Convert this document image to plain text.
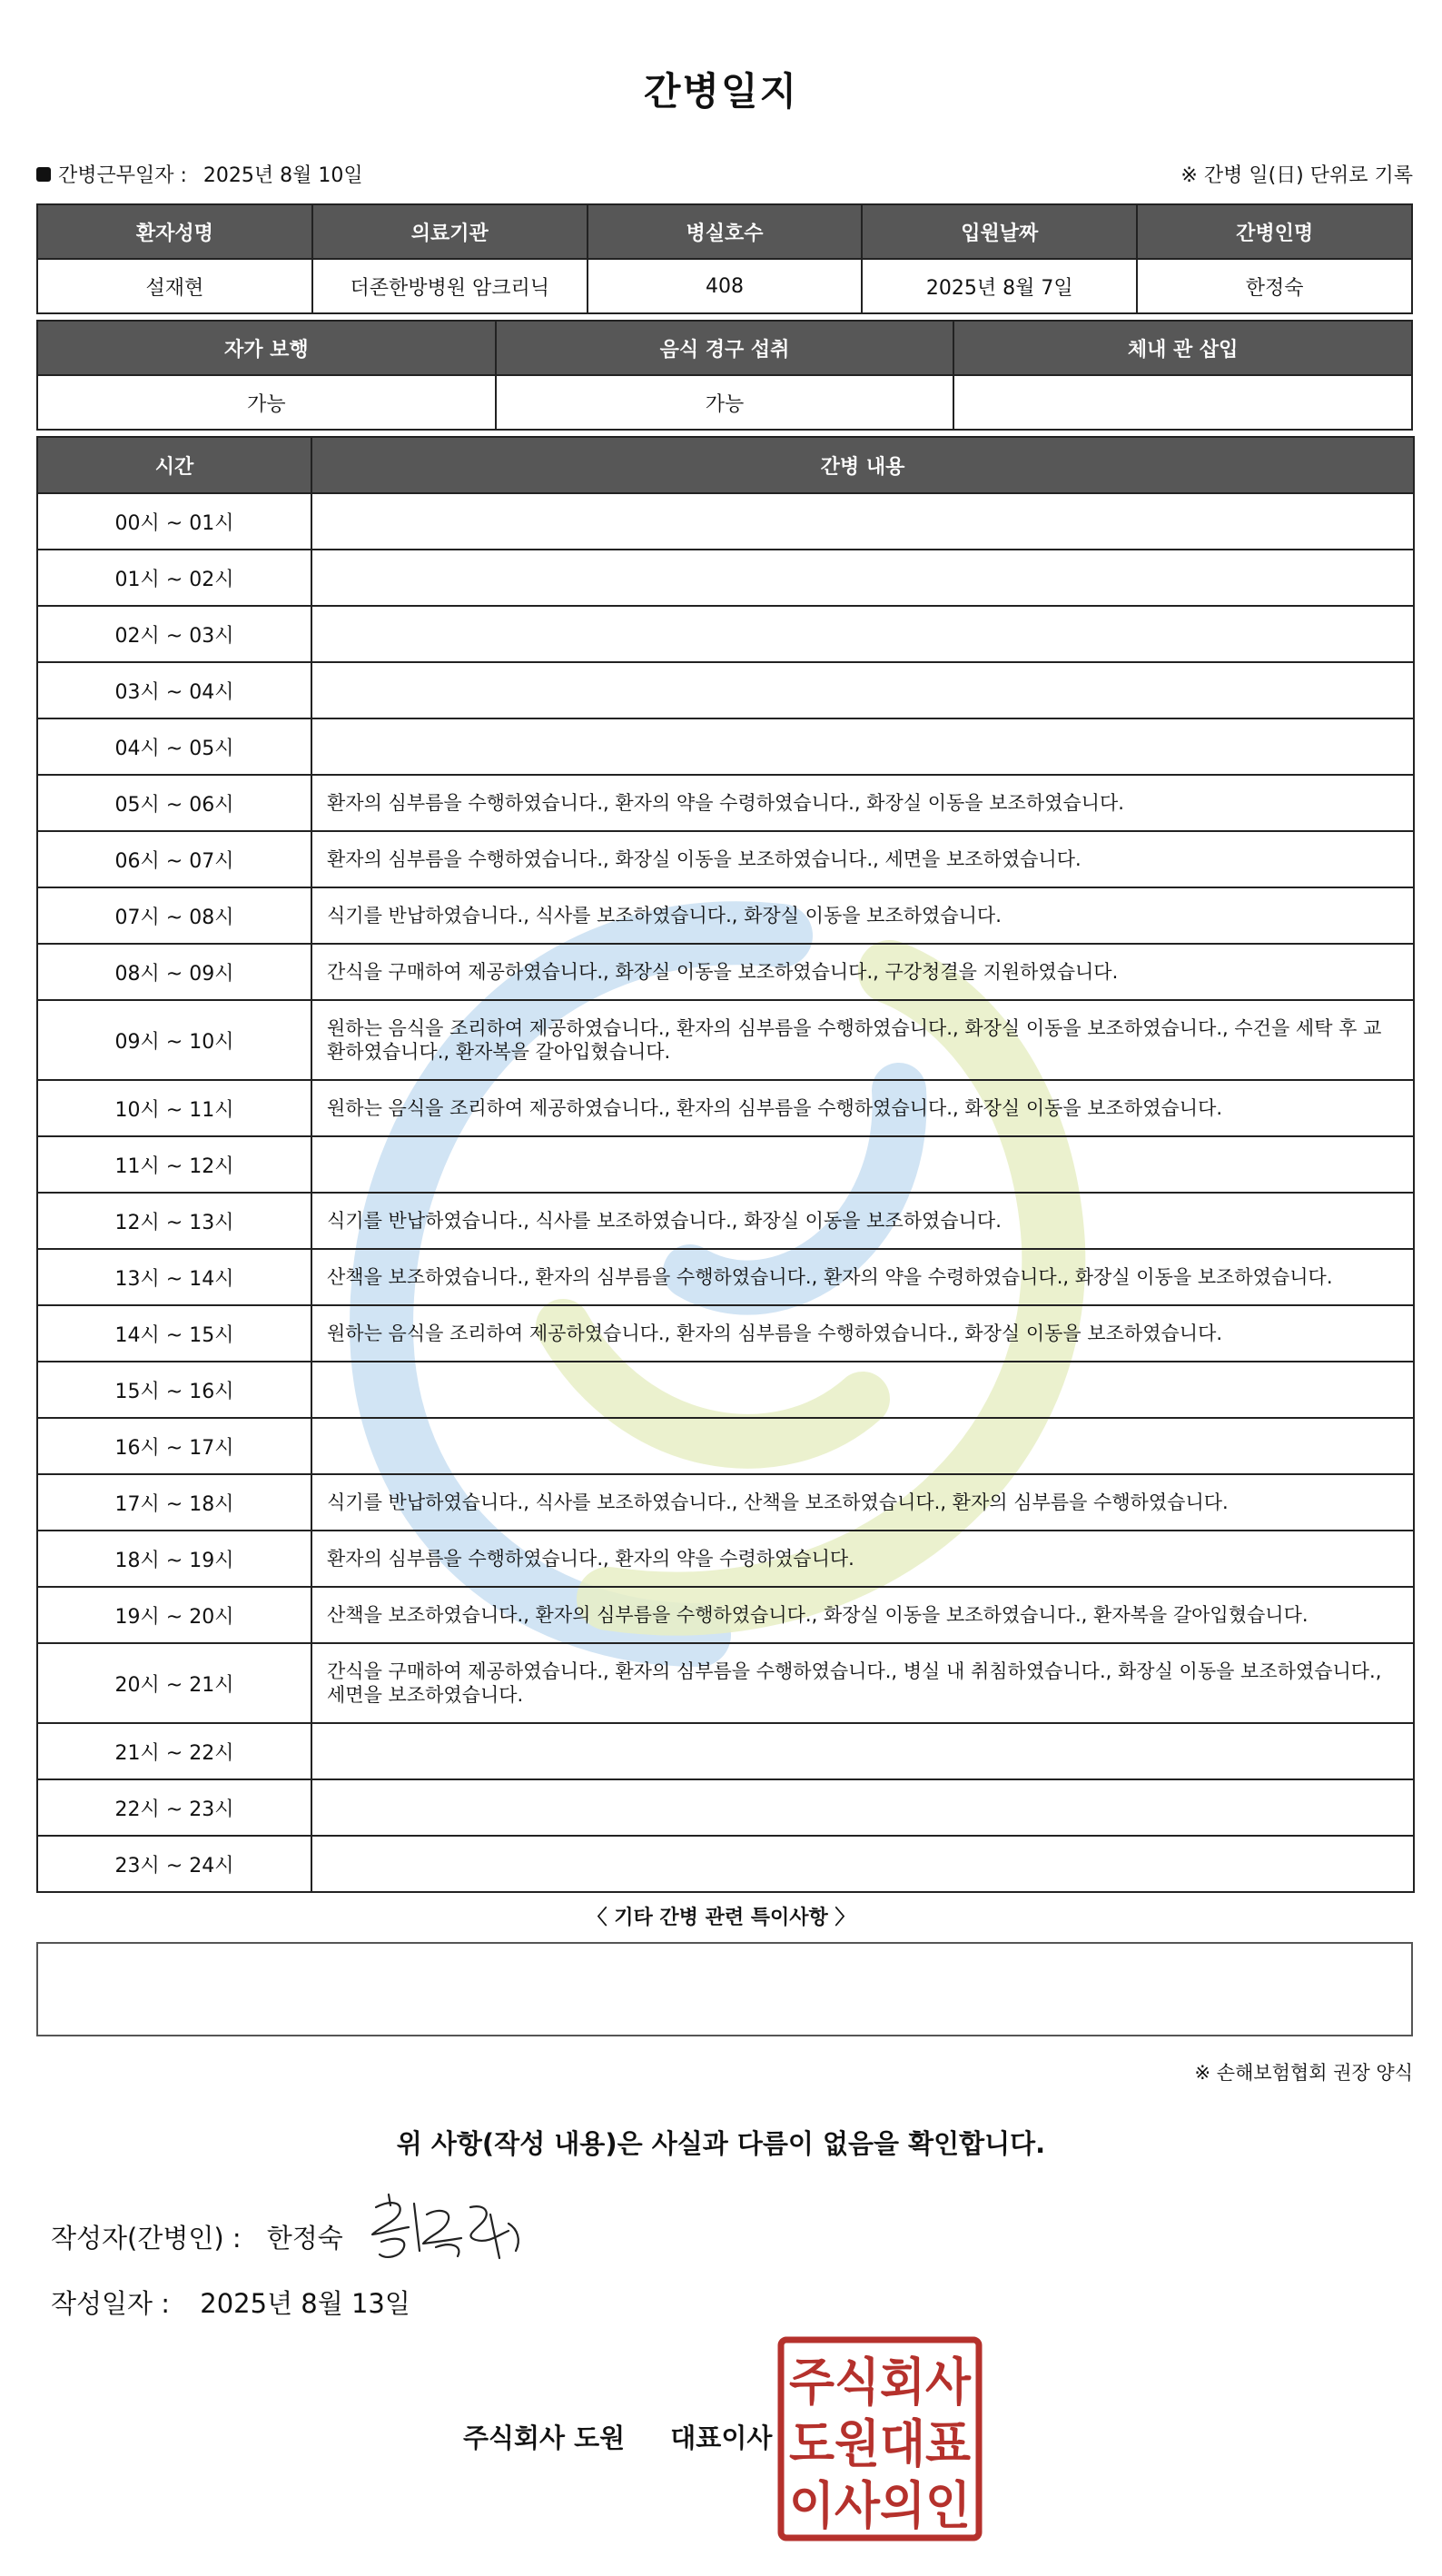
간병일지
간병근무일자 : 2025년 8월 10일	※ 간병 일(日) 단위로 기록
환자성명	의료기관	병실호수	입원날짜	간병인명
설재현	더존한방병원 암크리닉	408	2025년 8월 7일	한정숙
자가 보행	음식 경구 섭취	체내 관 삽입
가능	가능	
시간	간병 내용
00시 ~ 01시	
01시 ~ 02시	
02시 ~ 03시	
03시 ~ 04시	
04시 ~ 05시	
05시 ~ 06시	환자의 심부름을 수행하였습니다., 환자의 약을 수령하였습니다., 화장실 이동을 보조하였습니다.
06시 ~ 07시	환자의 심부름을 수행하였습니다., 화장실 이동을 보조하였습니다., 세면을 보조하였습니다.
07시 ~ 08시	식기를 반납하였습니다., 식사를 보조하였습니다., 화장실 이동을 보조하였습니다.
08시 ~ 09시	간식을 구매하여 제공하였습니다., 화장실 이동을 보조하였습니다., 구강청결을 지원하였습니다.
09시 ~ 10시	원하는 음식을 조리하여 제공하였습니다., 환자의 심부름을 수행하였습니다., 화장실 이동을 보조하였습니다., 수건을 세탁 후 교환하였습니다., 환자복을 갈아입혔습니다.
10시 ~ 11시	원하는 음식을 조리하여 제공하였습니다., 환자의 심부름을 수행하였습니다., 화장실 이동을 보조하였습니다.
11시 ~ 12시	
12시 ~ 13시	식기를 반납하였습니다., 식사를 보조하였습니다., 화장실 이동을 보조하였습니다.
13시 ~ 14시	산책을 보조하였습니다., 환자의 심부름을 수행하였습니다., 환자의 약을 수령하였습니다., 화장실 이동을 보조하였습니다.
14시 ~ 15시	원하는 음식을 조리하여 제공하였습니다., 환자의 심부름을 수행하였습니다., 화장실 이동을 보조하였습니다.
15시 ~ 16시	
16시 ~ 17시	
17시 ~ 18시	식기를 반납하였습니다., 식사를 보조하였습니다., 산책을 보조하였습니다., 환자의 심부름을 수행하였습니다.
18시 ~ 19시	환자의 심부름을 수행하였습니다., 환자의 약을 수령하였습니다.
19시 ~ 20시	산책을 보조하였습니다., 환자의 심부름을 수행하였습니다., 화장실 이동을 보조하였습니다., 환자복을 갈아입혔습니다.
20시 ~ 21시	간식을 구매하여 제공하였습니다., 환자의 심부름을 수행하였습니다., 병실 내 취침하였습니다., 화장실 이동을 보조하였습니다., 세면을 보조하였습니다.
21시 ~ 22시	
22시 ~ 23시	
23시 ~ 24시	
〈 기타 간병 관련 특이사항 〉
※ 손해보험협회 권장 양식
위 사항(작성 내용)은 사실과 다름이 없음을 확인합니다.
작성자(간병인) : 한정숙
작성일자 : 2025년 8월 13일
주식회사 도원 대표이사
주식회사
도원대표
이사의인
